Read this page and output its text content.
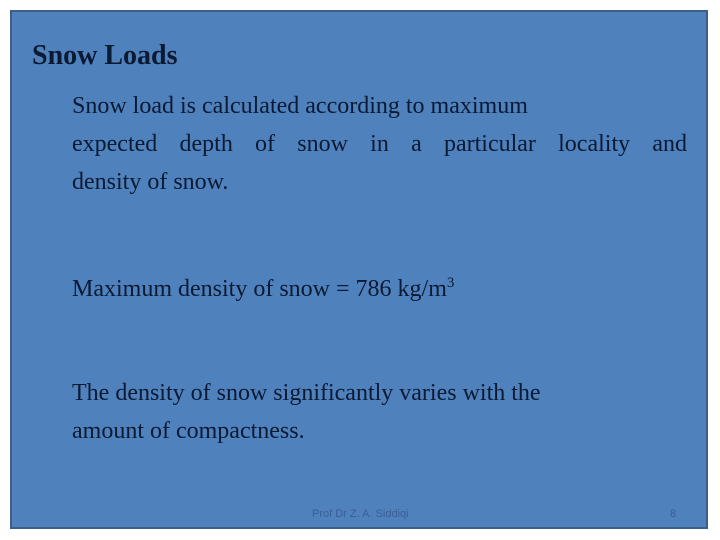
Snow Loads
Snow load is calculated according to maximum
expected depth of snow in a particular locality and
density of snow.
Maximum density of snow = 786 $kg/m^3$
The density of snow significantly varies with the
amount of compactness.
Prof Dr Z. A. Siddiqi	8
